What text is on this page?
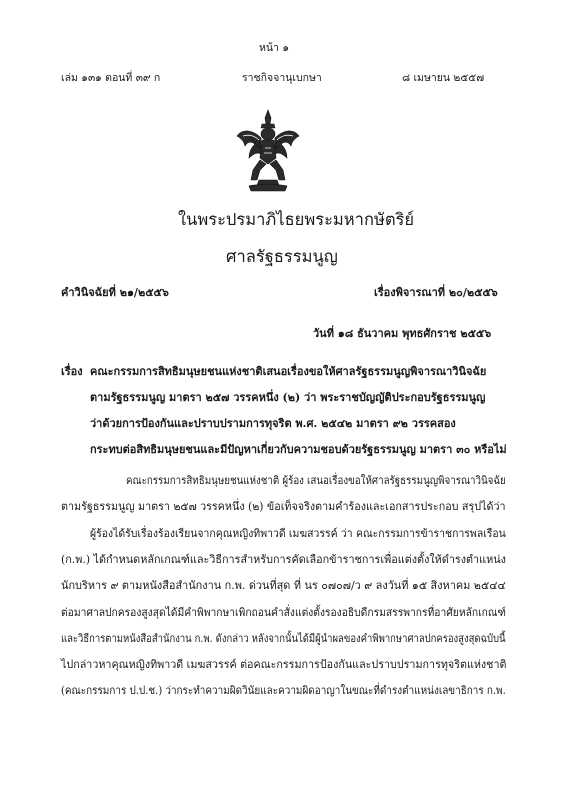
หน้า ๑
เล่ม ๑๓๑ ตอนที่ ๓๙ ก	ราชกิจจานุเบกษา	๘ เมษายน ๒๕๕๗
ในพระปรมาภิไธยพระมหากษัตริย์
ศาลรัฐธรรมนูญ
คำวินิจฉัยที่ ๒๑/๒๕๕๖	เรื่องพิจารณาที่ ๒๐/๒๕๕๖
วันที่ ๑๘ ธันวาคม พุทธศักราช ๒๕๕๖
เรื่อง คณะกรรมการสิทธิมนุษยชนแห่งชาติเสนอเรื่องขอให้ศาลรัฐธรรมนูญพิจารณาวินิจฉัย
ตามรัฐธรรมนูญ มาตรา ๒๕๗ วรรคหนึ่ง (๒) ว่า พระราชบัญญัติประกอบรัฐธรรมนูญ
ว่าด้วยการป้องกันและปราบปรามการทุจริต พ.ศ. ๒๕๔๒ มาตรา ๙๒ วรรคสอง
กระทบต่อสิทธิมนุษยชนและมีปัญหาเกี่ยวกับความชอบด้วยรัฐธรรมนูญ มาตรา ๓๐ หรือไม่
คณะกรรมการสิทธิมนุษยชนแห่งชาติ ผู้ร้อง เสนอเรื่องขอให้ศาลรัฐธรรมนูญพิจารณาวินิจฉัย
ตามรัฐธรรมนูญ มาตรา ๒๕๗ วรรคหนึ่ง (๒) ข้อเท็จจริงตามคำร้องและเอกสารประกอบ สรุปได้ว่า
ผู้ร้องได้รับเรื่องร้องเรียนจากคุณหญิงทิพาวดี เมฆสวรรค์ ว่า คณะกรรมการข้าราชการพลเรือน
(ก.พ.) ได้กำหนดหลักเกณฑ์และวิธีการสำหรับการคัดเลือกข้าราชการเพื่อแต่งตั้งให้ดำรงตำแหน่ง
นักบริหาร ๙ ตามหนังสือสำนักงาน ก.พ. ด่วนที่สุด ที่ นร ๐๗๐๗/ว ๙ ลงวันที่ ๑๕ สิงหาคม ๒๕๔๔
ต่อมาศาลปกครองสูงสุดได้มีคำพิพากษาเพิกถอนคำสั่งแต่งตั้งรองอธิบดีกรมสรรพากรที่อาศัยหลักเกณฑ์
และวิธีการตามหนังสือสำนักงาน ก.พ. ดังกล่าว หลังจากนั้นได้มีผู้นำผลของคำพิพากษาศาลปกครองสูงสุดฉบับนี้
ไปกล่าวหาคุณหญิงทิพาวดี เมฆสวรรค์ ต่อคณะกรรมการป้องกันและปราบปรามการทุจริตแห่งชาติ
(คณะกรรมการ ป.ป.ช.) ว่ากระทำความผิดวินัยและความผิดอาญาในขณะที่ดำรงตำแหน่งเลขาธิการ ก.พ.
